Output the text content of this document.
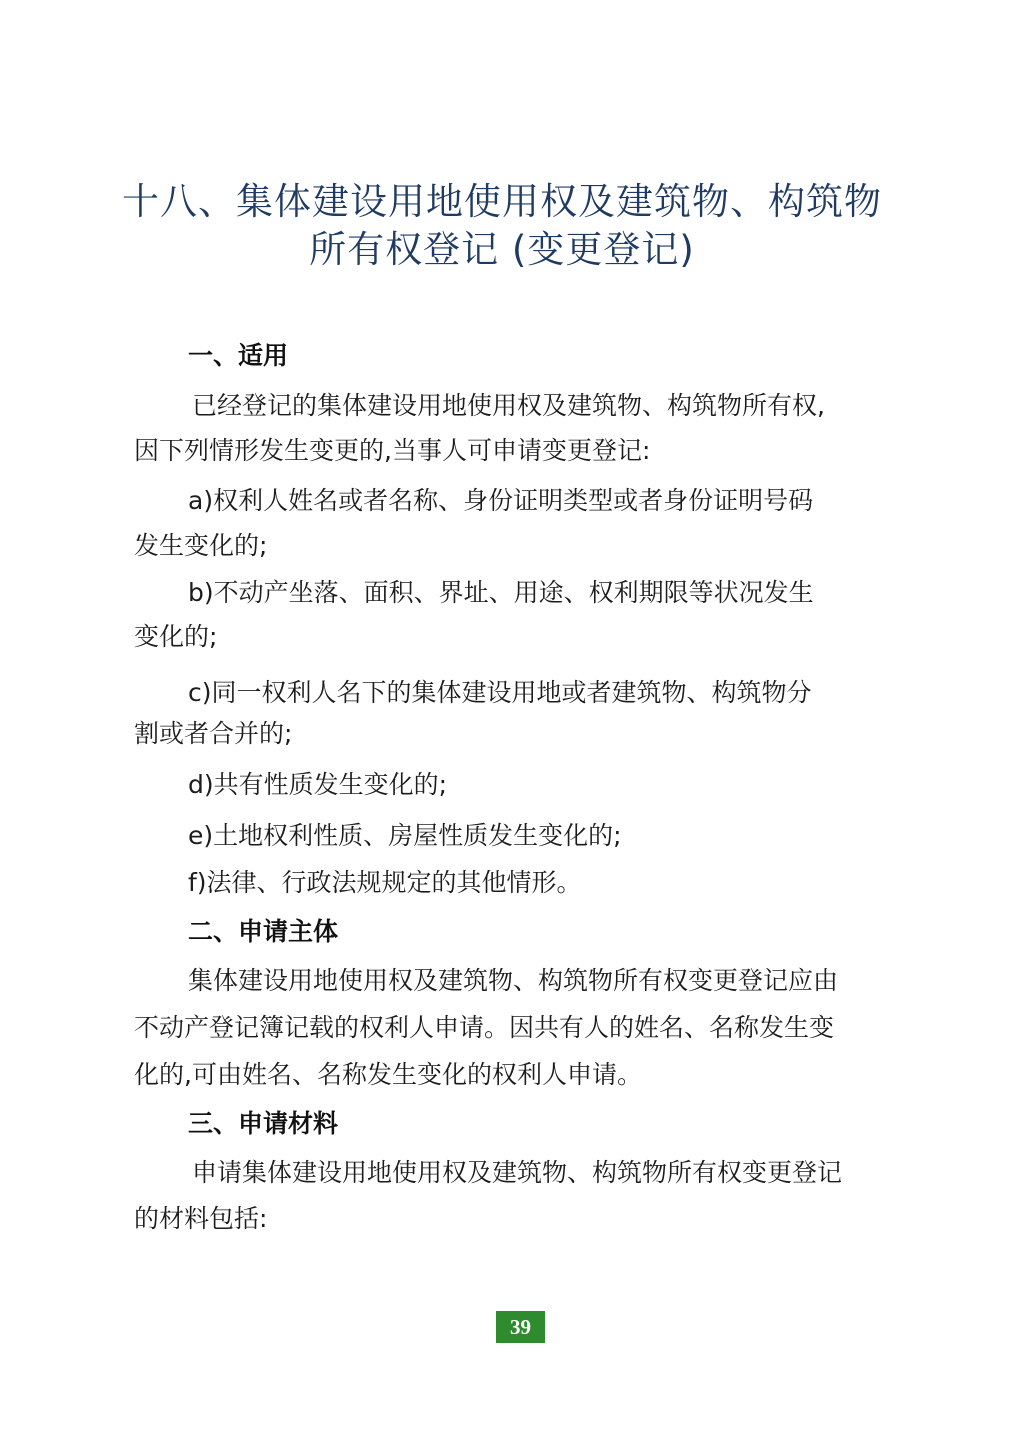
十八、集体建设用地使用权及建筑物、构筑物
所有权登记 (变更登记)
一、适用
已经登记的集体建设用地使用权及建筑物、构筑物所有权,
因下列情形发生变更的,当事人可申请变更登记:
a)权利人姓名或者名称、身份证明类型或者身份证明号码
发生变化的;
b)不动产坐落、面积、界址、用途、权利期限等状况发生
变化的;
c)同一权利人名下的集体建设用地或者建筑物、构筑物分
割或者合并的;
d)共有性质发生变化的;
e)土地权利性质、房屋性质发生变化的;
f)法律、行政法规规定的其他情形。
二、申请主体
集体建设用地使用权及建筑物、构筑物所有权变更登记应由
不动产登记簿记载的权利人申请。因共有人的姓名、名称发生变
化的,可由姓名、名称发生变化的权利人申请。
三、申请材料
申请集体建设用地使用权及建筑物、构筑物所有权变更登记
的材料包括:
39
